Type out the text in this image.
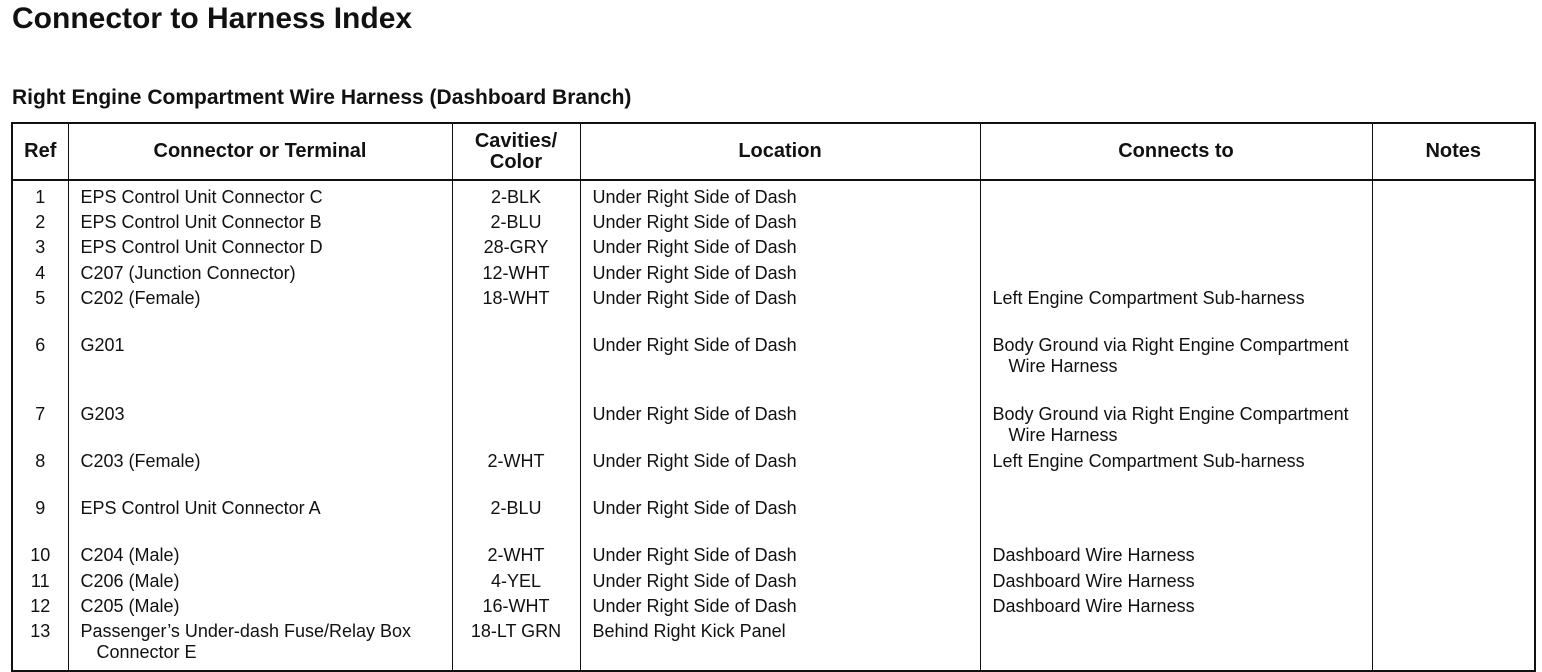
Connector to Harness Index
Right Engine Compartment Wire Harness (Dashboard Branch)
Ref	Connector or Terminal	Cavities/ Color	Location	Connects to	Notes

1	EPS Control Unit Connector C	2-BLK	Under Right Side of Dash		

2	EPS Control Unit Connector B	2-BLU	Under Right Side of Dash		

3	EPS Control Unit Connector D	28-GRY	Under Right Side of Dash		

4	C207 (Junction Connector)	12-WHT	Under Right Side of Dash		

5	C202 (Female)	18-WHT	Under Right Side of Dash	Left Engine Compartment Sub-harness	

6	G201		Under Right Side of Dash	Body Ground via Right Engine Compartment
Wire Harness	

7	G203		Under Right Side of Dash	Body Ground via Right Engine Compartment
Wire Harness	

8	C203 (Female)	2-WHT	Under Right Side of Dash	Left Engine Compartment Sub-harness	

9	EPS Control Unit Connector A	2-BLU	Under Right Side of Dash		

10	C204 (Male)	2-WHT	Under Right Side of Dash	Dashboard Wire Harness	

11	C206 (Male)	4-YEL	Under Right Side of Dash	Dashboard Wire Harness	

12	C205 (Male)	16-WHT	Under Right Side of Dash	Dashboard Wire Harness	

13	Passenger’s Under-dash Fuse/Relay Box
Connector E	18-LT GRN	Behind Right Kick Panel		
